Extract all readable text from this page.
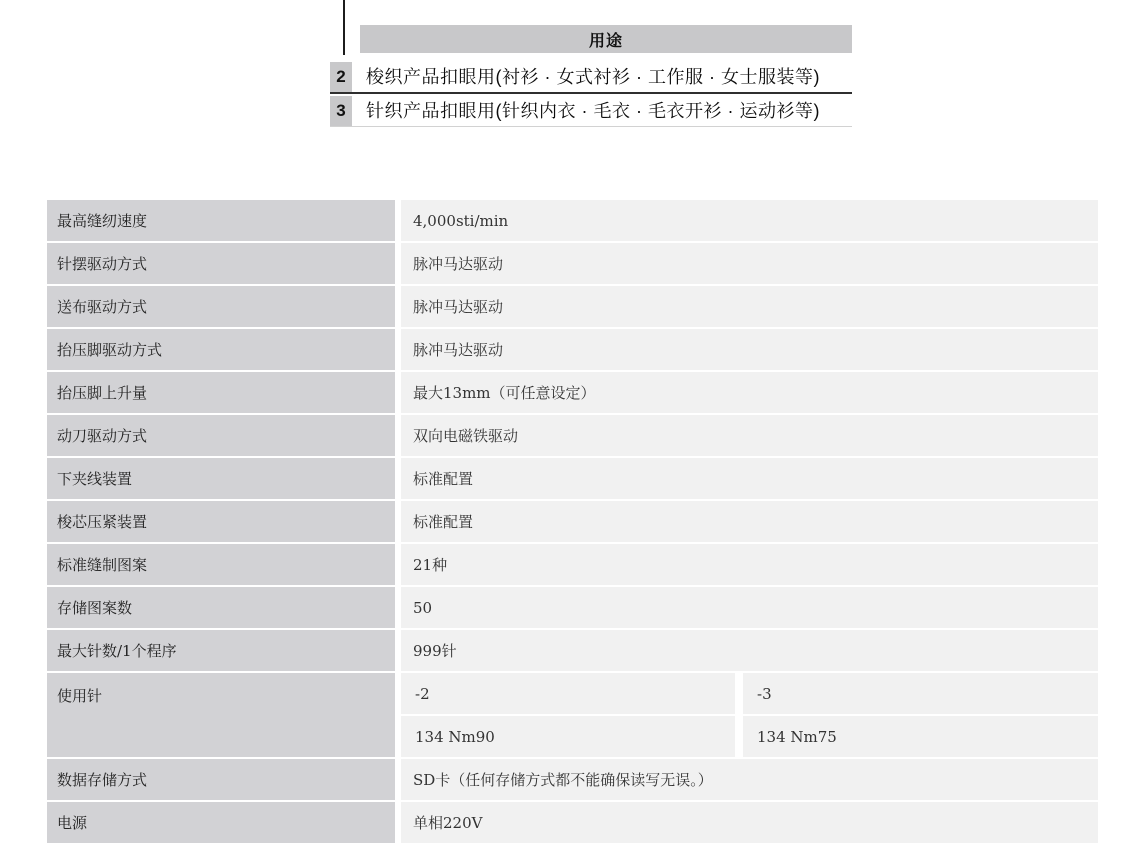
用途
2	梭织产品扣眼用(衬衫 · 女式衬衫 · 工作服 · 女士服装等)
3	针织产品扣眼用(针织内衣 · 毛衣 · 毛衣开衫 · 运动衫等)
最高缝纫速度	4,000sti/min
针摆驱动方式	脉冲马达驱动
送布驱动方式	脉冲马达驱动
抬压脚驱动方式	脉冲马达驱动
抬压脚上升量	最大13mm（可任意设定）
动刀驱动方式	双向电磁铁驱动
下夹线装置	标准配置
梭芯压紧装置	标准配置
标准缝制图案	21种
存储图案数	50
最大针数/1个程序	999针
使用针	-2	-3
134 Nm90	134 Nm75
数据存储方式	SD卡（任何存储方式都不能确保读写无误。）
电源	单相220V
